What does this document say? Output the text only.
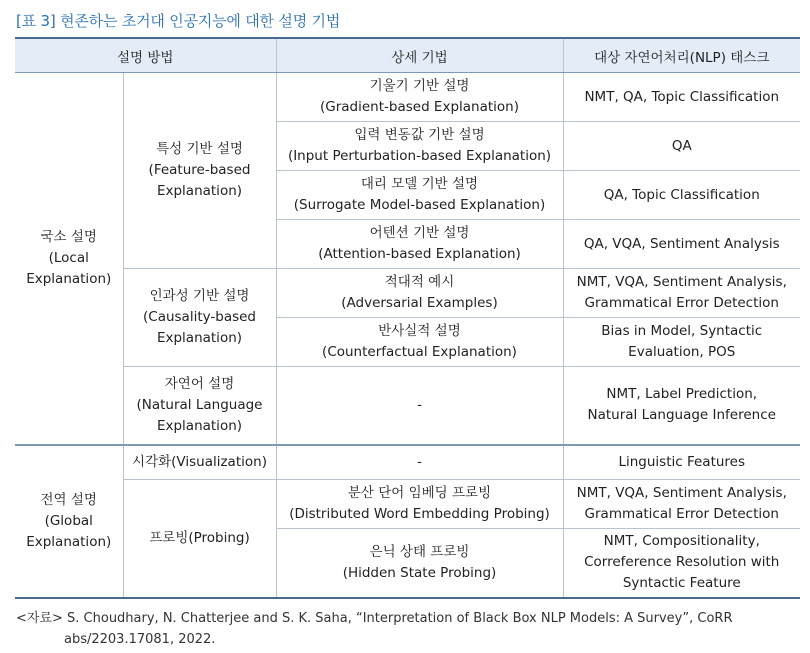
[표 3] 현존하는 초거대 인공지능에 대한 설명 기법
설명 방법		상세 기법	대상 자연어처리(NLP) 태스크

국소 설명
(Local
Explanation)	특성 기반 설명
(Feature-based
Explanation)	기울기 기반 설명
(Gradient-based Explanation)	NMT, QA, Topic Classification

		입력 변동값 기반 설명
(Input Perturbation-based Explanation)	QA

		대리 모델 기반 설명
(Surrogate Model-based Explanation)	QA, Topic Classification

		어텐션 기반 설명
(Attention-based Explanation)	QA, VQA, Sentiment Analysis

	인과성 기반 설명
(Causality-based
Explanation)	적대적 예시
(Adversarial Examples)	NMT, VQA, Sentiment Analysis,
Grammatical Error Detection

		반사실적 설명
(Counterfactual Explanation)	Bias in Model, Syntactic
Evaluation, POS

	자연어 설명
(Natural Language
Explanation)	-	NMT, Label Prediction,
Natural Language Inference

전역 설명
(Global
Explanation)	시각화(Visualization)	-	Linguistic Features
	프로빙(Probing)	분산 단어 임베딩 프로빙
(Distributed Word Embedding Probing)	NMT, VQA, Sentiment Analysis,
Grammatical Error Detection

		은닉 상태 프로빙
(Hidden State Probing)	NMT, Compositionality,
Correference Resolution with
Syntactic Feature
<자료> S. Choudhary, N. Chatterjee and S. K. Saha, “Interpretation of Black Box NLP Models: A Survey”, CoRR
abs/2203.17081, 2022.
